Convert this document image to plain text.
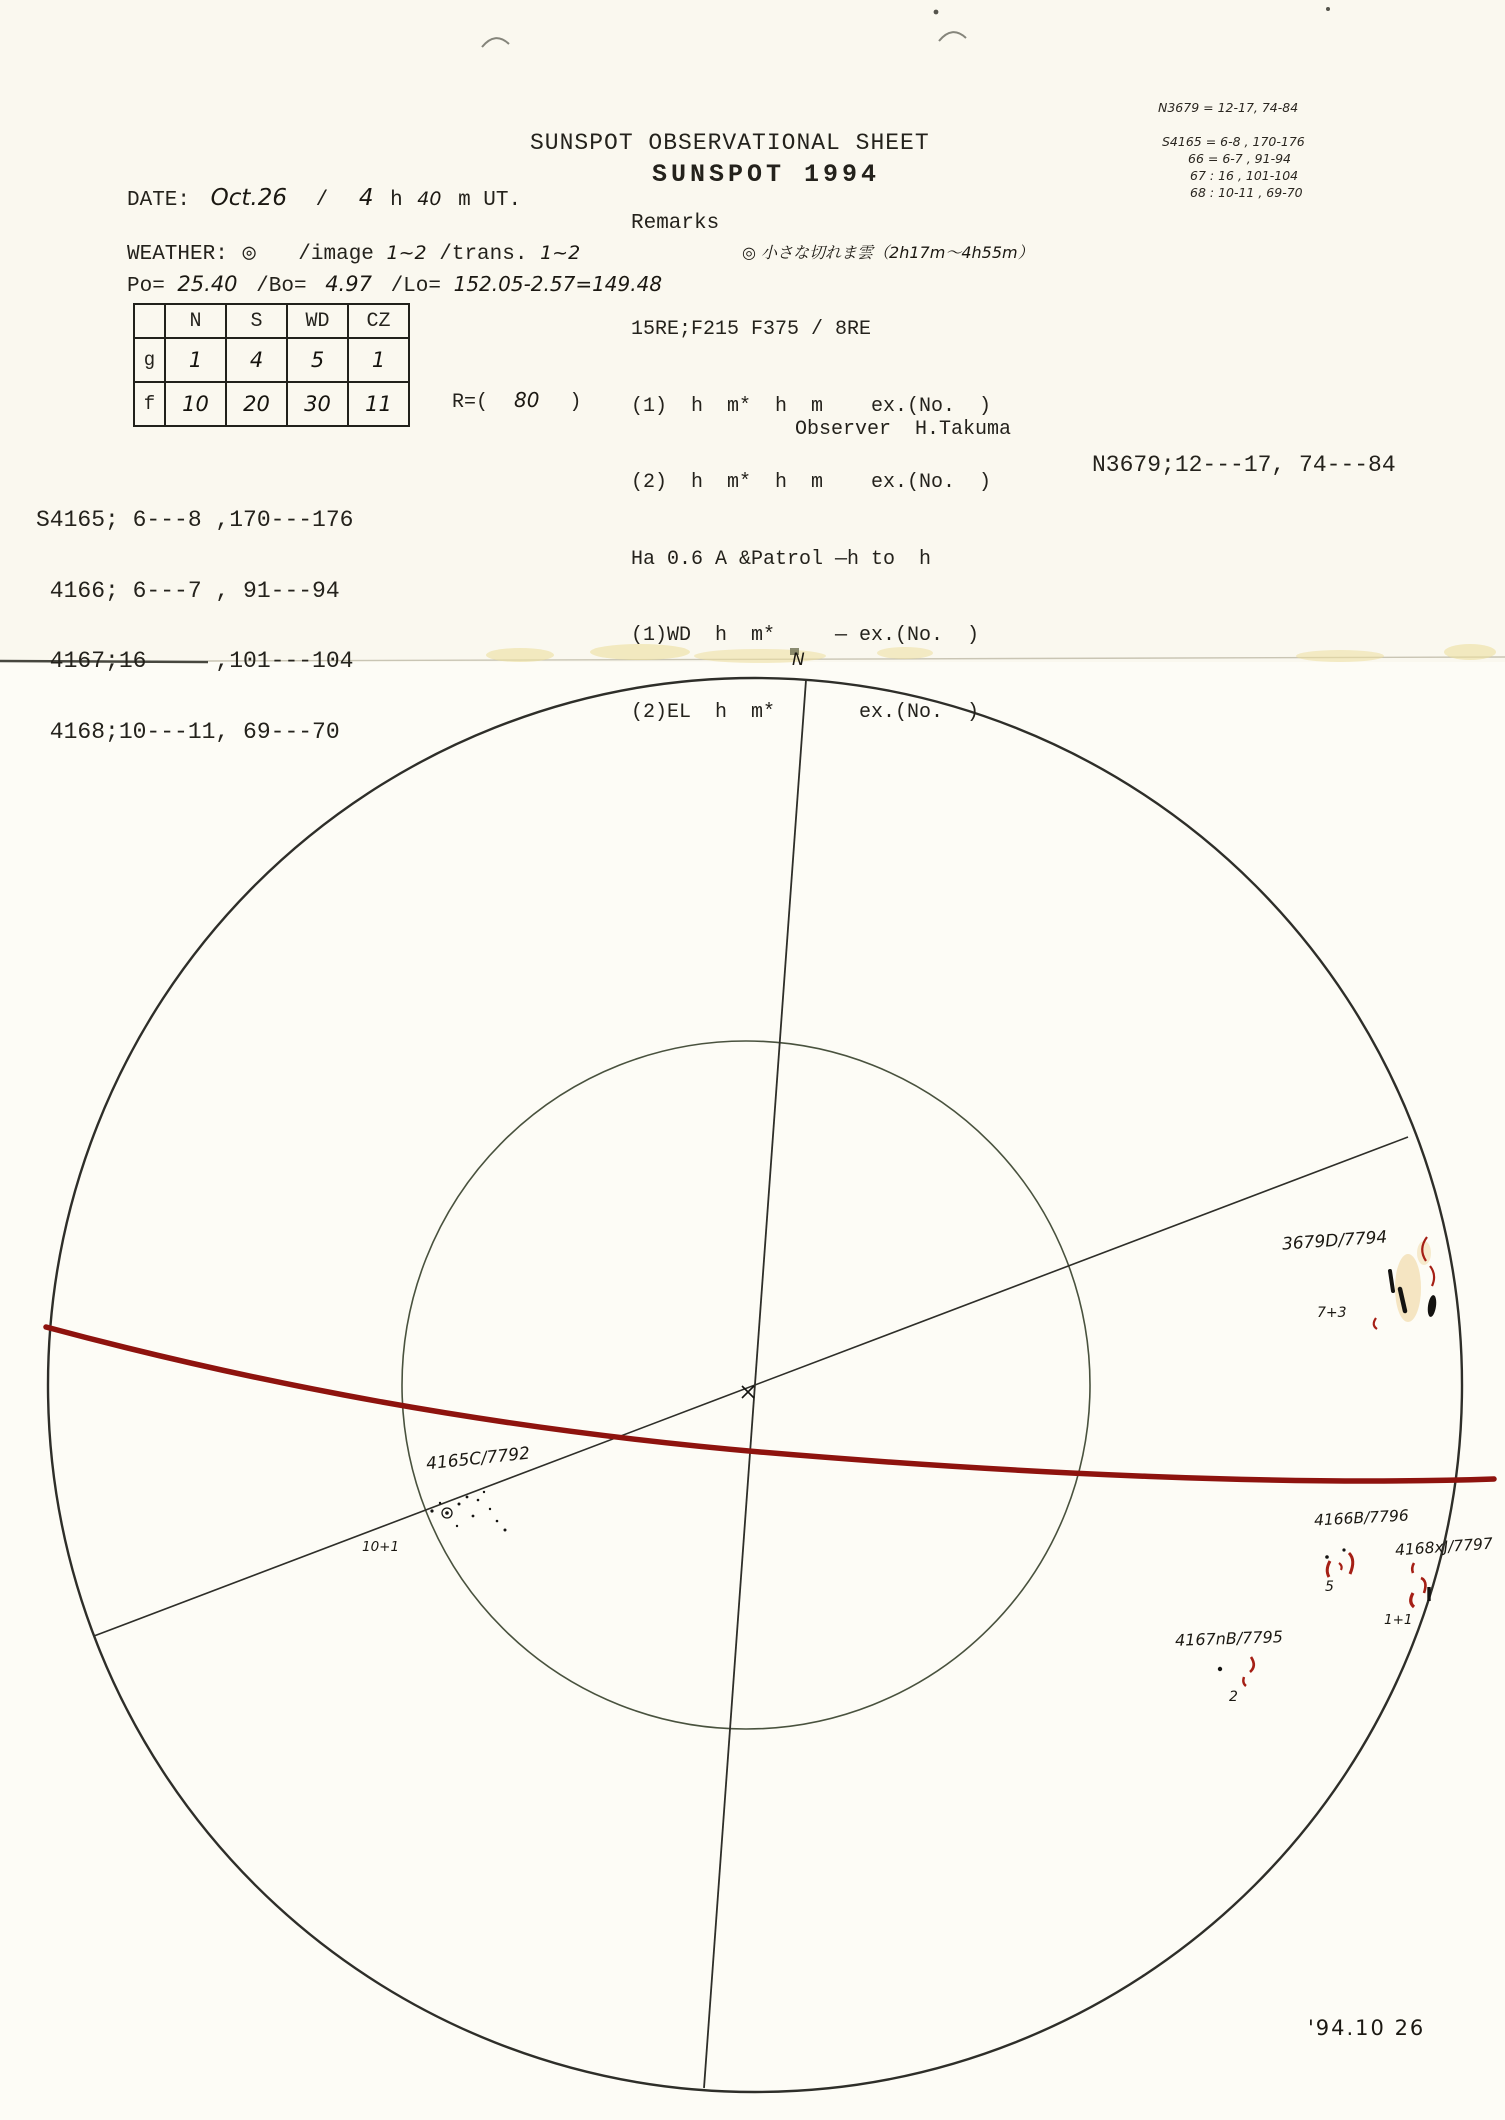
SUNSPOT OBSERVATIONAL SHEET
SUNSPOT 1994
DATE: Oct.26 / 4 h 40 m UT.
WEATHER: ◎ /image 1~2 /trans. 1~2
Po= 25.40 /Bo= 4.97 /Lo= 152.05-2.57=149.48
	N	S	WD	CZ
g	1	4	5	1
f	10	20	30	11	R=( 80 )
Remarks
◎ 小さな切れま雲（2h17m～4h55m）

15RE;F215 F375 / 8RE

(1)  h  m*  h  m    ex.(No.  )

(2)  h  m*  h  m    ex.(No.  )

Ha 0.6 A &Patrol —h to  h

(1)WD  h  m*     — ex.(No.  )

(2)EL  h  m*       ex.(No.  )

Observer  H.Takuma
N3679 = 12-17, 74-84
S4165 = 6-8 , 170-176
66 = 6-7 , 91-94
67 : 16 , 101-104
68 : 10-11 , 69-70

S4165; 6---8 ,170---176

4166; 6---7 , 91---94

4167;16     ,101---104

4168;10---11, 69---70

N3679;12---17, 74---84
N
3679D/7794
7+3
4165C/7792
10+1
4166B/7796
5
4168xJ/7797
1+1
4167nB/7795
2
'94.10 26
